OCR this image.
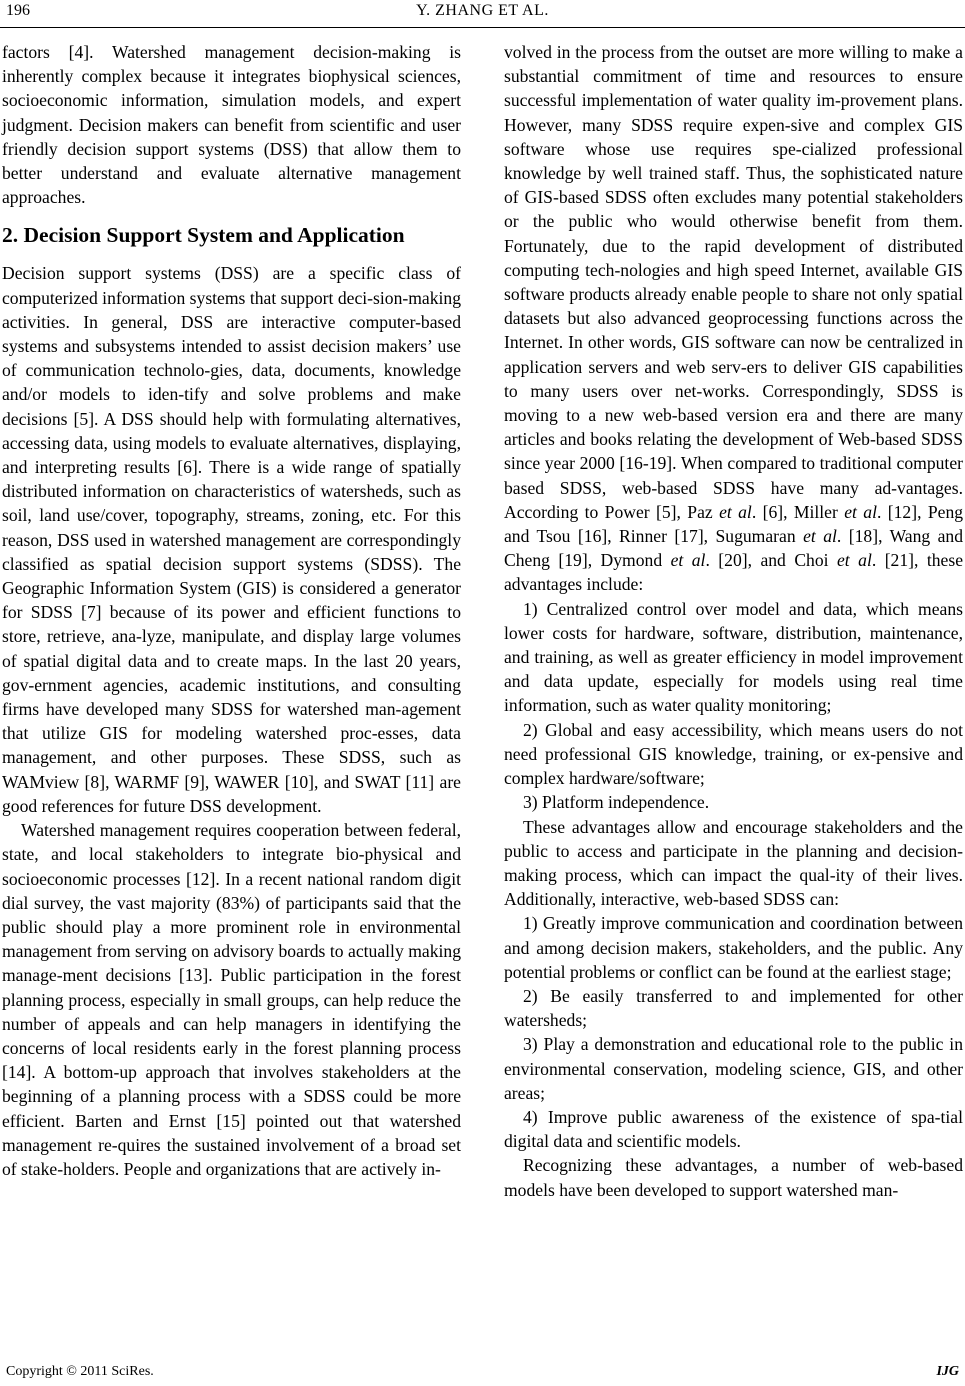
196	Y. ZHANG ET AL.

factors [4]. Watershed management decision-making is inherently complex because it integrates biophysical sciences, socioeconomic information, simulation models, and expert judgment. Decision makers can benefit from scientific and user friendly decision support systems (DSS) that allow them to better understand and evaluate alternative management approaches.

2. Decision Support System and Application

Decision support systems (DSS) are a specific class of computerized information systems that support deci-sion-making activities. In general, DSS are interactive computer-based systems and subsystems intended to assist decision makers’ use of communication technolo-gies, data, documents, knowledge and/or models to iden-tify and solve problems and make decisions [5]. A DSS should help with formulating alternatives, accessing data, using models to evaluate alternatives, displaying, and interpreting results [6]. There is a wide range of spatially distributed information on characteristics of watersheds, such as soil, land use/cover, topography, streams, zoning, etc. For this reason, DSS used in watershed management are correspondingly classified as spatial decision support systems (SDSS). The Geographic Information System (GIS) is considered a generator for SDSS [7] because of its power and efficient functions to store, retrieve, ana-lyze, manipulate, and display large volumes of spatial digital data and to create maps. In the last 20 years, gov-ernment agencies, academic institutions, and consulting firms have developed many SDSS for watershed man-agement that utilize GIS for modeling watershed proc-esses, data management, and other purposes. These SDSS, such as WAMview [8], WARMF [9], WAWER [10], and SWAT [11] are good references for future DSS development.

Watershed management requires cooperation between federal, state, and local stakeholders to integrate bio-physical and socioeconomic processes [12]. In a recent national random digit dial survey, the vast majority (83%) of participants said that the public should play a more prominent role in environmental management from serving on advisory boards to actually making manage-ment decisions [13]. Public participation in the forest planning process, especially in small groups, can help reduce the number of appeals and can help managers in identifying the concerns of local residents early in the forest planning process [14]. A bottom-up approach that involves stakeholders at the beginning of a planning process with a SDSS could be more efficient. Barten and Ernst [15] pointed out that watershed management re-quires the sustained involvement of a broad set of stake-holders. People and organizations that are actively in-

volved in the process from the outset are more willing to make a substantial commitment of time and resources to ensure successful implementation of water quality im-provement plans. However, many SDSS require expen-sive and complex GIS software whose use requires spe-cialized professional knowledge by well trained staff. Thus, the sophisticated nature of GIS-based SDSS often excludes many potential stakeholders or the public who would otherwise benefit from them. Fortunately, due to the rapid development of distributed computing tech-nologies and high speed Internet, available GIS software products already enable people to share not only spatial datasets but also advanced geoprocessing functions across the Internet. In other words, GIS software can now be centralized in application servers and web serv-ers to deliver GIS capabilities to many users over net-works. Correspondingly, SDSS is moving to a new web-based version era and there are many articles and books relating the development of Web-based SDSS since year 2000 [16-19]. When compared to traditional computer based SDSS, web-based SDSS have many ad-vantages. According to Power [5], Paz et al. [6], Miller et al. [12], Peng and Tsou [16], Rinner [17], Sugumaran et al. [18], Wang and Cheng [19], Dymond et al. [20], and Choi et al. [21], these advantages include:

1) Centralized control over model and data, which means lower costs for hardware, software, distribution, maintenance, and training, as well as greater efficiency in model improvement and data update, especially for models using real time information, such as water quality monitoring;

2) Global and easy accessibility, which means users do not need professional GIS knowledge, training, or ex-pensive and complex hardware/software;

3) Platform independence.

These advantages allow and encourage stakeholders and the public to access and participate in the planning and decision-making process, which can impact the qual-ity of their lives. Additionally, interactive, web-based SDSS can:

1) Greatly improve communication and coordination between and among decision makers, stakeholders, and the public. Any potential problems or conflict can be found at the earliest stage;

2) Be easily transferred to and implemented for other watersheds;

3) Play a demonstration and educational role to the public in environmental conservation, modeling science, GIS, and other areas;

4) Improve public awareness of the existence of spa-tial digital data and scientific models.

Recognizing these advantages, a number of web-based models have been developed to support watershed man-

Copyright © 2011 SciRes.	IJG
